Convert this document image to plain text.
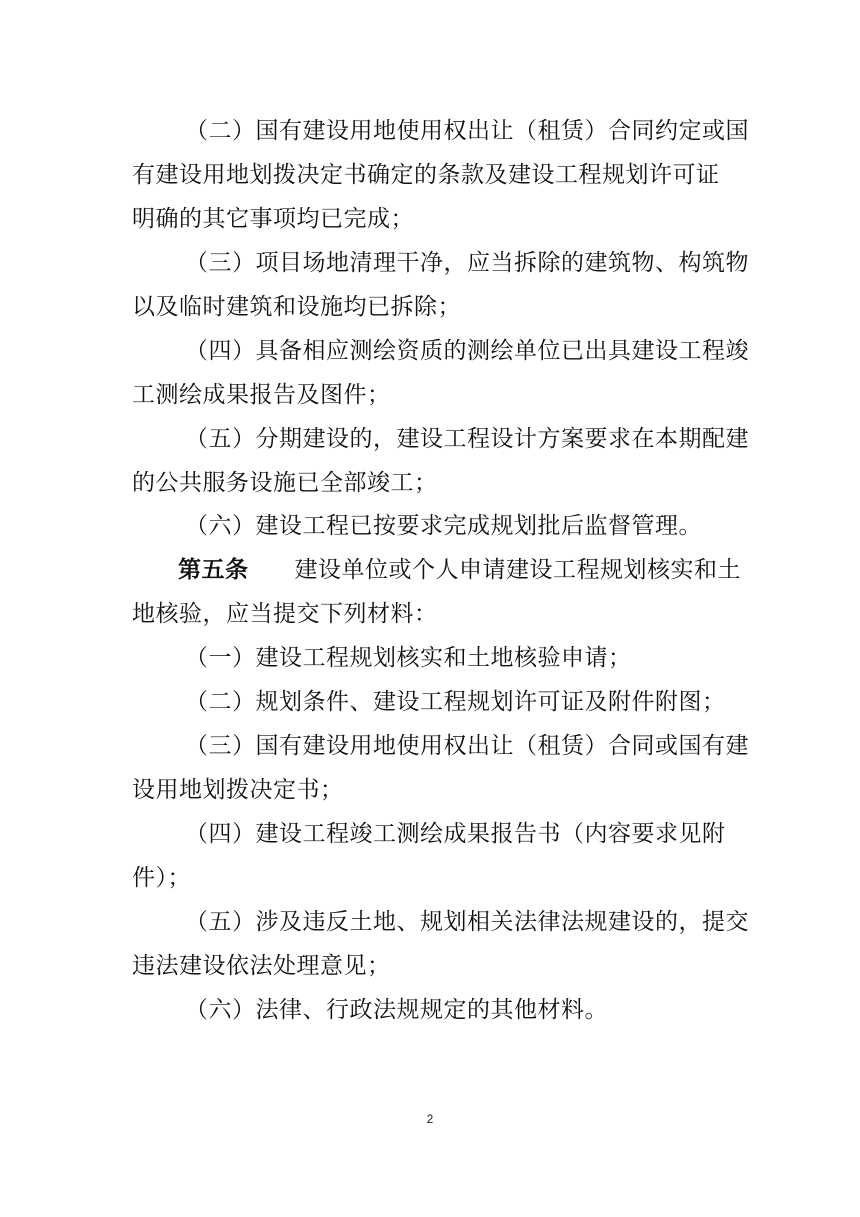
（二）国有建设用地使用权出让（租赁）合同约定或国
有建设用地划拨决定书确定的条款及建设工程规划许可证
明确的其它事项均已完成；
（三）项目场地清理干净，应当拆除的建筑物、构筑物
以及临时建筑和设施均已拆除；
（四）具备相应测绘资质的测绘单位已出具建设工程竣
工测绘成果报告及图件；
（五）分期建设的，建设工程设计方案要求在本期配建
的公共服务设施已全部竣工；
（六）建设工程已按要求完成规划批后监督管理。
第五条 建设单位或个人申请建设工程规划核实和土
地核验，应当提交下列材料：
（一）建设工程规划核实和土地核验申请；
（二）规划条件、建设工程规划许可证及附件附图；
（三）国有建设用地使用权出让（租赁）合同或国有建
设用地划拨决定书；
（四）建设工程竣工测绘成果报告书（内容要求见附
件）；
（五）涉及违反土地、规划相关法律法规建设的，提交
违法建设依法处理意见；
（六）法律、行政法规规定的其他材料。
2
